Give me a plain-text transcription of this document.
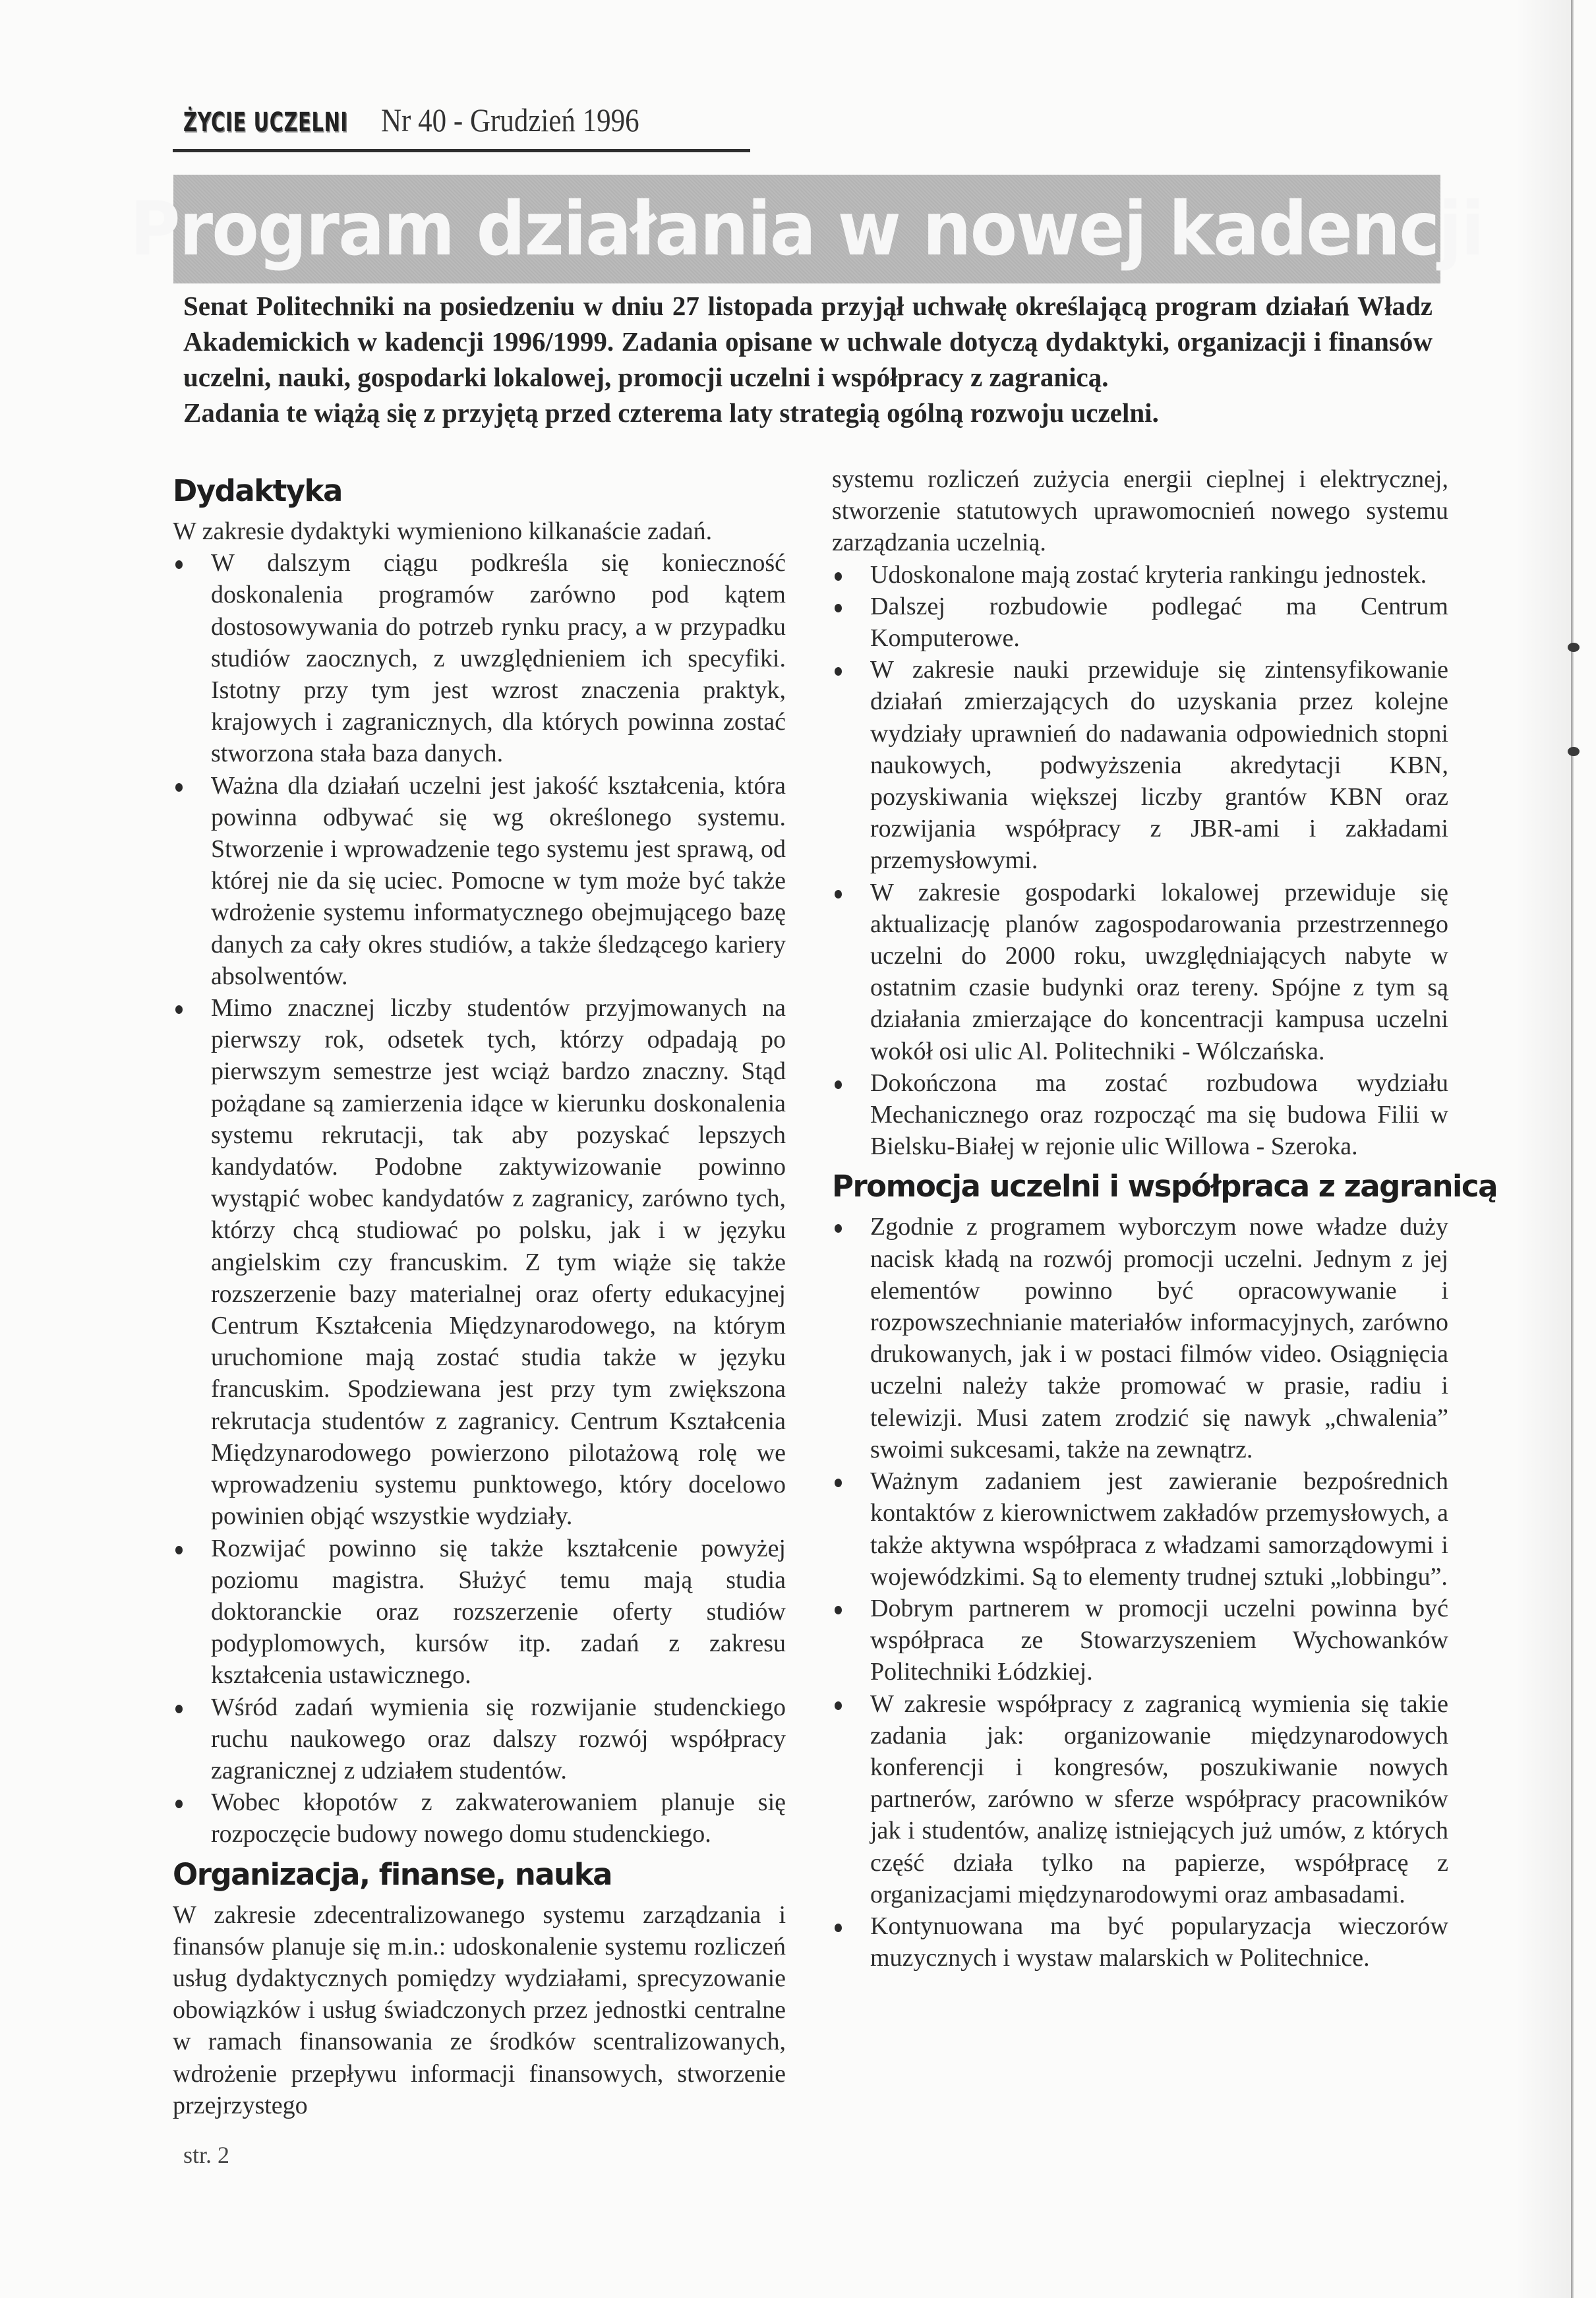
ŻYCIE UCZELNI Nr 40 - Grudzień 1996
Program działania w nowej kadencji

Senat Politechniki na posiedzeniu w dniu 27 listopada przyjął uchwałę określającą program działań Władz Akademickich w kadencji 1996/1999. Zadania opisane w uchwale dotyczą dydaktyki, organizacji i finansów uczelni, nauki, gospodarki lokalowej, promocji uczelni i współpracy z zagranicą.

Zadania te wiążą się z przyjętą przed czterema laty strategią ogólną rozwoju uczelni.

Dydaktyka

W zakresie dydaktyki wymieniono kilkanaście zadań.

W dalszym ciągu podkreśla się konieczność doskonalenia programów zarówno pod kątem dostosowywania do potrzeb rynku pracy, a w przypadku studiów zaocznych, z uwzględnieniem ich specyfiki. Istotny przy tym jest wzrost znaczenia praktyk, krajowych i zagranicznych, dla których powinna zostać stworzona stała baza danych.
Ważna dla działań uczelni jest jakość kształcenia, która powinna odbywać się wg określonego systemu. Stworzenie i wprowadzenie tego systemu jest sprawą, od której nie da się uciec. Pomocne w tym może być także wdrożenie systemu informatycznego obejmującego bazę danych za cały okres studiów, a także śledzącego kariery absolwentów.
Mimo znacznej liczby studentów przyjmowanych na pierwszy rok, odsetek tych, którzy odpadają po pierwszym semestrze jest wciąż bardzo znaczny. Stąd pożądane są zamierzenia idące w kierunku doskonalenia systemu rekrutacji, tak aby pozyskać lepszych kandydatów. Podobne zaktywizowanie powinno wystąpić wobec kandydatów z zagranicy, zarówno tych, którzy chcą studiować po polsku, jak i w języku angielskim czy francuskim. Z tym wiąże się także rozszerzenie bazy materialnej oraz oferty edukacyjnej Centrum Kształcenia Międzynarodowego, na którym uruchomione mają zostać studia także w języku francuskim. Spodziewana jest przy tym zwiększona rekrutacja studentów z zagranicy. Centrum Kształcenia Międzynarodowego powierzono pilotażową rolę we wprowadzeniu systemu punktowego, który docelowo powinien objąć wszystkie wydziały.
Rozwijać powinno się także kształcenie powyżej poziomu magistra. Służyć temu mają studia doktoranckie oraz rozszerzenie oferty studiów podyplomowych, kursów itp. zadań z zakresu kształcenia ustawicznego.
Wśród zadań wymienia się rozwijanie studenckiego ruchu naukowego oraz dalszy rozwój współpracy zagranicznej z udziałem studentów.
Wobec kłopotów z zakwaterowaniem planuje się rozpoczęcie budowy nowego domu studenckiego.
Organizacja, finanse, nauka

W zakresie zdecentralizowanego systemu zarządzania i finansów planuje się m.in.: udoskonalenie systemu rozliczeń usług dydaktycznych pomiędzy wydziałami, sprecyzowanie obowiązków i usług świadczonych przez jednostki centralne w ramach finansowania ze środków scentralizowanych, wdrożenie przepływu informacji finansowych, stworzenie przejrzystego

systemu rozliczeń zużycia energii cieplnej i elektrycznej, stworzenie statutowych uprawomocnień nowego systemu zarządzania uczelnią.

Udoskonalone mają zostać kryteria rankingu jednostek.
Dalszej rozbudowie podlegać ma Centrum Komputerowe.
W zakresie nauki przewiduje się zintensyfikowanie działań zmierzających do uzyskania przez kolejne wydziały uprawnień do nadawania odpowiednich stopni naukowych, podwyższenia akredytacji KBN, pozyskiwania większej liczby grantów KBN oraz rozwijania współpracy z JBR-ami i zakładami przemysłowymi.
W zakresie gospodarki lokalowej przewiduje się aktualizację planów zagospodarowania przestrzennego uczelni do 2000 roku, uwzględniających nabyte w ostatnim czasie budynki oraz tereny. Spójne z tym są działania zmierzające do koncentracji kampusa uczelni wokół osi ulic Al. Politechniki - Wólczańska.
Dokończona ma zostać rozbudowa wydziału Mechanicznego oraz rozpocząć ma się budowa Filii w Bielsku-Białej w rejonie ulic Willowa - Szeroka.
Promocja uczelni i współpraca z zagranicą
Zgodnie z programem wyborczym nowe władze duży nacisk kładą na rozwój promocji uczelni. Jednym z jej elementów powinno być opracowywanie i rozpowszechnianie materiałów informacyjnych, zarówno drukowanych, jak i w postaci filmów video. Osiągnięcia uczelni należy także promować w prasie, radiu i telewizji. Musi zatem zrodzić się nawyk „chwalenia” swoimi sukcesami, także na zewnątrz.
Ważnym zadaniem jest zawieranie bezpośrednich kontaktów z kierownictwem zakładów przemysłowych, a także aktywna współpraca z władzami samorządowymi i wojewódzkimi. Są to elementy trudnej sztuki „lobbingu”.
Dobrym partnerem w promocji uczelni powinna być współpraca ze Stowarzyszeniem Wychowanków Politechniki Łódzkiej.
W zakresie współpracy z zagranicą wymienia się takie zadania jak: organizowanie międzynarodowych konferencji i kongresów, poszukiwanie nowych partnerów, zarówno w sferze współpracy pracowników jak i studentów, analizę istniejących już umów, z których część działa tylko na papierze, współpracę z organizacjami międzynarodowymi oraz ambasadami.
Kontynuowana ma być popularyzacja wieczorów muzycznych i wystaw malarskich w Politechnice.
str. 2
